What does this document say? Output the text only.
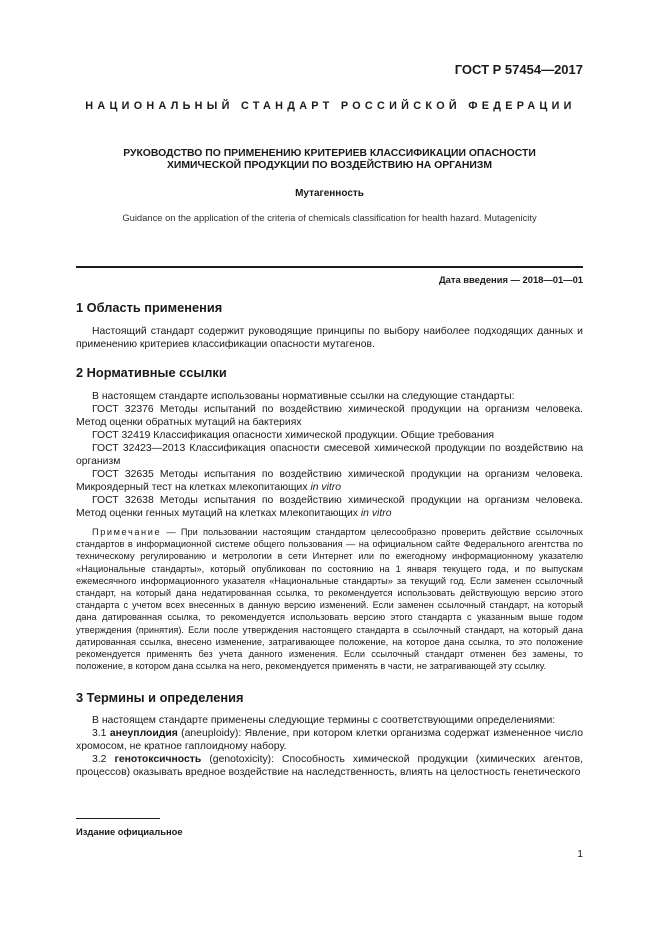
ГОСТ Р 57454—2017
НАЦИОНАЛЬНЫЙ СТАНДАРТ РОССИЙСКОЙ ФЕДЕРАЦИИ
РУКОВОДСТВО ПО ПРИМЕНЕНИЮ КРИТЕРИЕВ КЛАССИФИКАЦИИ ОПАСНОСТИ
ХИМИЧЕСКОЙ ПРОДУКЦИИ ПО ВОЗДЕЙСТВИЮ НА ОРГАНИЗМ
Мутагенность
Guidance on the application of the criteria of chemicals classification for health hazard. Mutagenicity
Дата введения — 2018—01—01
1 Область применения

Настоящий стандарт содержит руководящие принципы по выбору наиболее подходящих данных и применению критериев классификации опасности мутагенов.

2 Нормативные ссылки

В настоящем стандарте использованы нормативные ссылки на следующие стандарты:

ГОСТ 32376 Методы испытаний по воздействию химической продукции на организм человека. Метод оценки обратных мутаций на бактериях

ГОСТ 32419 Классификация опасности химической продукции. Общие требования

ГОСТ 32423—2013 Классификация опасности смесевой химической продукции по воздействию на организм

ГОСТ 32635 Методы испытания по воздействию химической продукции на организм человека. Микроядерный тест на клетках млекопитающих in vitro

ГОСТ 32638 Методы испытания по воздействию химической продукции на организм человека. Метод оценки генных мутаций на клетках млекопитающих in vitro

Примечание — При пользовании настоящим стандартом целесообразно проверить действие ссылочных стандартов в информационной системе общего пользования — на официальном сайте Федерального агентства по техническому регулированию и метрологии в сети Интернет или по ежегодному информационному указателю «Национальные стандарты», который опубликован по состоянию на 1 января текущего года, и по выпускам ежемесячного информационного указателя «Национальные стандарты» за текущий год. Если заменен ссылочный стандарт, на который дана недатированная ссылка, то рекомендуется использовать действующую версию этого стандарта с учетом всех внесенных в данную версию изменений. Если заменен ссылочный стандарт, на который дана датированная ссылка, то рекомендуется использовать версию этого стандарта с указанным выше годом утверждения (принятия). Если после утверждения настоящего стандарта в ссылочный стандарт, на который дана датированная ссылка, внесено изменение, затрагивающее положение, на которое дана ссылка, то это положение рекомендуется применять без учета данного изменения. Если ссылочный стандарт отменен без замены, то положение, в котором дана ссылка на него, рекомендуется применять в части, не затрагивающей эту ссылку.

3 Термины и определения

В настоящем стандарте применены следующие термины с соответствующими определениями:

3.1 анеуплоидия (aneuploidy): Явление, при котором клетки организма содержат измененное число хромосом, не кратное гаплоидному набору.

3.2 генотоксичность (genotoxicity): Способность химической продукции (химических агентов, процессов) оказывать вредное воздействие на наследственность, влиять на целостность генетического

Издание официальное
1
